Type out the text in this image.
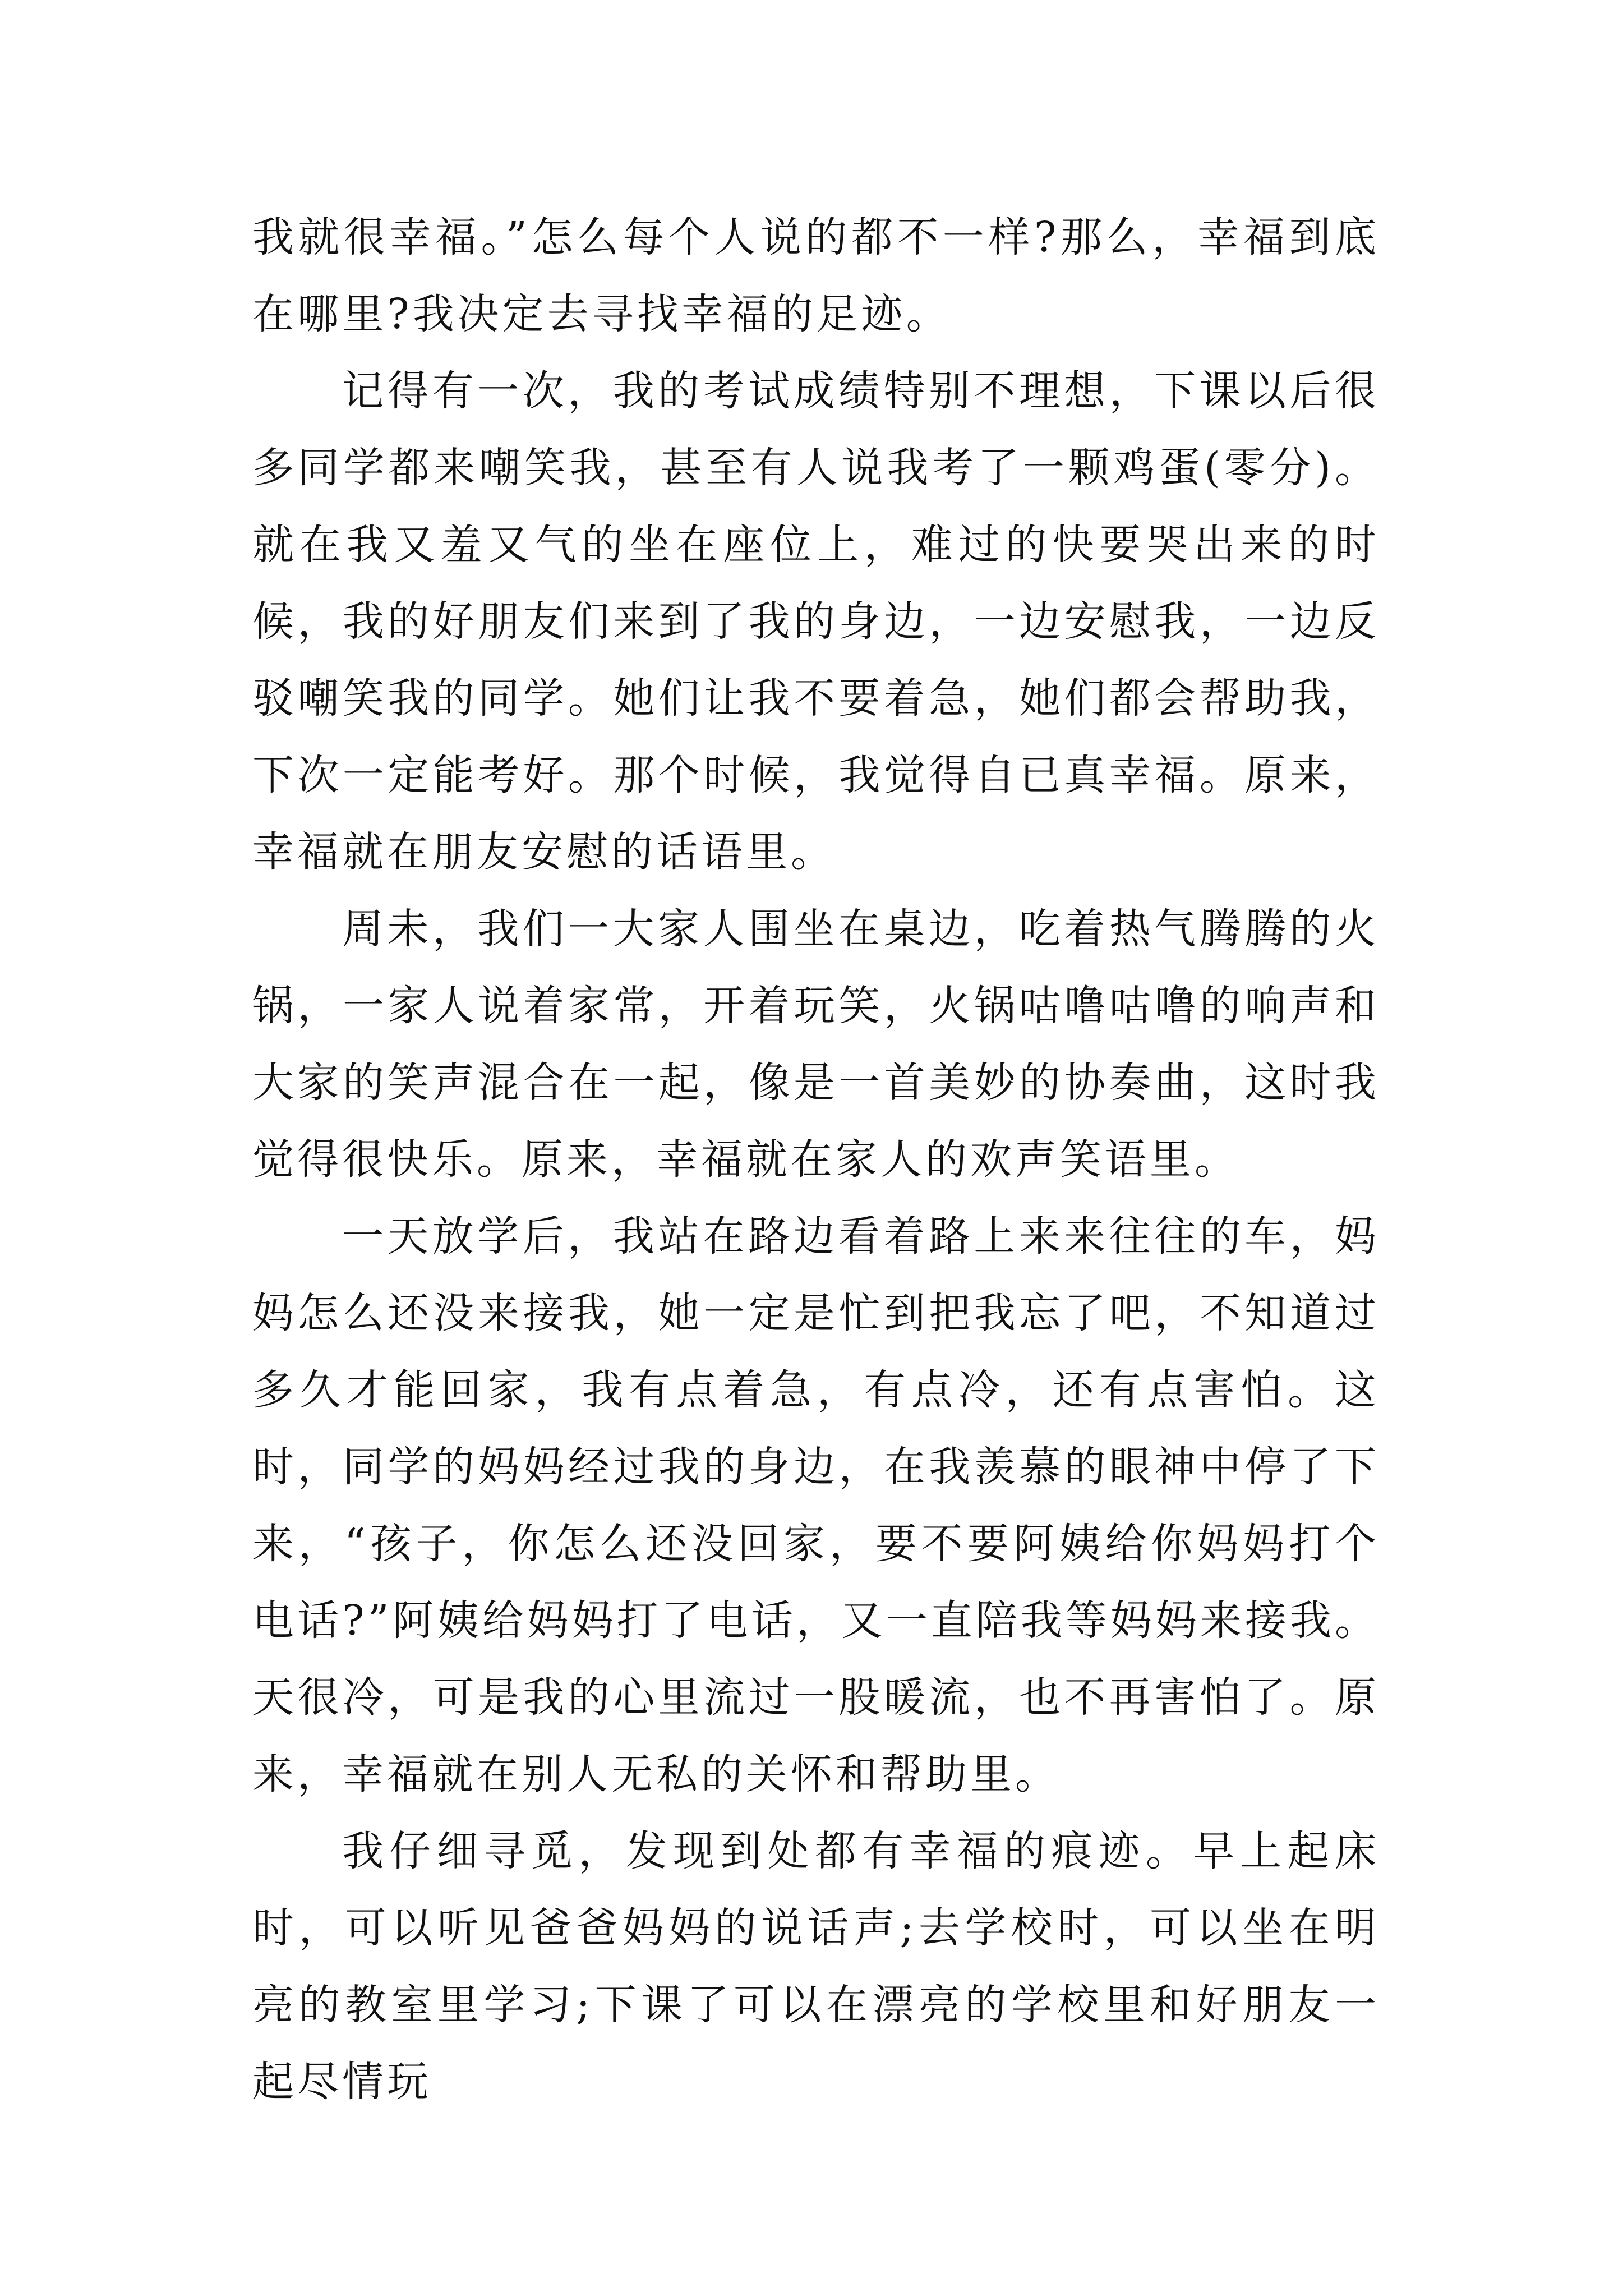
我就很幸福。”怎么每个人说的都不一样?那么，幸福到底在哪里?我决定去寻找幸福的足迹。

记得有一次，我的考试成绩特别不理想，下课以后很多同学都来嘲笑我，甚至有人说我考了一颗鸡蛋(零分)。就在我又羞又气的坐在座位上，难过的快要哭出来的时候，我的好朋友们来到了我的身边，一边安慰我，一边反驳嘲笑我的同学。她们让我不要着急，她们都会帮助我，下次一定能考好。那个时候，我觉得自已真幸福。原来，幸福就在朋友安慰的话语里。

周未，我们一大家人围坐在桌边，吃着热气腾腾的火锅，一家人说着家常，开着玩笑，火锅咕噜咕噜的响声和大家的笑声混合在一起，像是一首美妙的协奏曲，这时我觉得很快乐。原来，幸福就在家人的欢声笑语里。

一天放学后，我站在路边看着路上来来往往的车，妈妈怎么还没来接我，她一定是忙到把我忘了吧，不知道过多久才能回家，我有点着急，有点冷，还有点害怕。这时，同学的妈妈经过我的身边，在我羡慕的眼神中停了下来，“孩子，你怎么还没回家，要不要阿姨给你妈妈打个电话?”阿姨给妈妈打了电话，又一直陪我等妈妈来接我。天很冷，可是我的心里流过一股暖流，也不再害怕了。原来，幸福就在别人无私的关怀和帮助里。

我仔细寻觅，发现到处都有幸福的痕迹。早上起床时，可以听见爸爸妈妈的说话声;去学校时，可以坐在明亮的教室里学习;下课了可以在漂亮的学校里和好朋友一起尽情玩
